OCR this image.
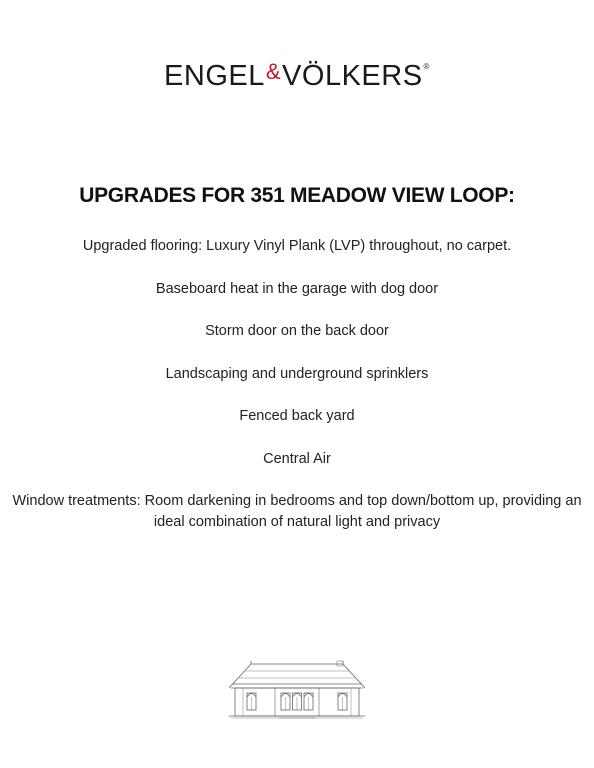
ENGEL&VÖLKERS®
UPGRADES FOR 351 MEADOW VIEW LOOP:
Upgraded flooring: Luxury Vinyl Plank (LVP) throughout, no carpet.
Baseboard heat in the garage with dog door
Storm door on the back door
Landscaping and underground sprinklers
Fenced back yard
Central Air
Window treatments: Room darkening in bedrooms and top down/bottom up, providing an ideal combination of natural light and privacy
